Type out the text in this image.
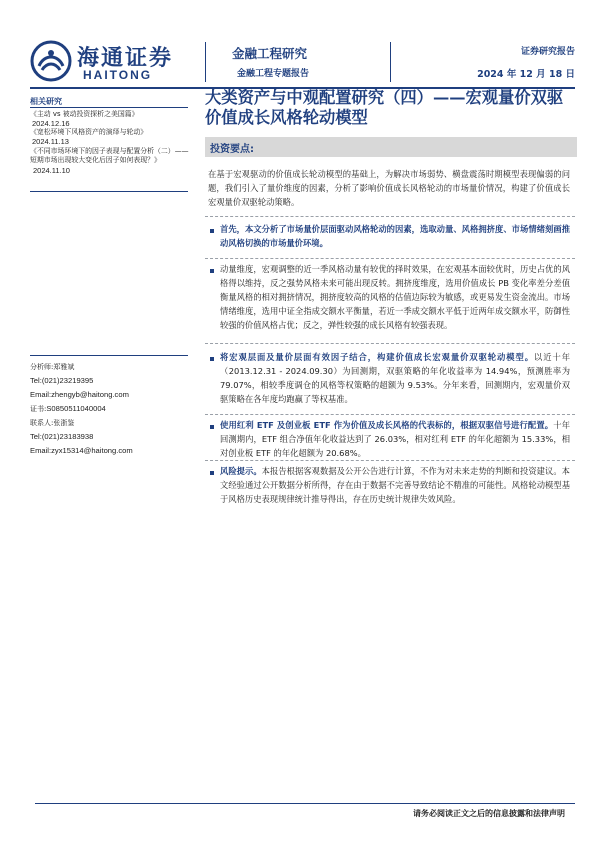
海通证券
HAITONG
金融工程研究
金融工程专题报告
证券研究报告
2024 年 12 月 18 日
相关研究
《主动 vs 被动投资探析之美国篇》
2024.12.16
《宽松环境下风格资产的演绎与轮动》
2024.11.13
《不同市场环境下的因子表现与配置分析（二）——短期市场出现较大变化后因子如何表现？》 2024.11.10
分析师:郑雅斌
Tel:(021)23219395
Email:zhengyb@haitong.com
证书:S0850511040004
联系人:张浙鉴
Tel:(021)23183938
Email:zyx15314@haitong.com
大类资产与中观配置研究（四）——宏观量价双驱价值成长风格轮动模型
投资要点:
在基于宏观驱动的价值成长轮动模型的基础上，为解决市场弱势、横盘震荡时期模型表现偏弱的问题，我们引入了量价维度的因素，分析了影响价值成长风格轮动的市场量价情况，构建了价值成长宏观量价双驱轮动策略。
首先，本文分析了市场量价层面驱动风格轮动的因素，选取动量、风格拥挤度、市场情绪刻画推动风格切换的市场量价环境。
动量维度，宏观调整的近一季风格动量有较优的择时效果，在宏观基本面较优时，历史占优的风格得以维持，反之强势风格未来可能出现反转。拥挤度维度，选用价值成长 PB 变化率差分差值衡量风格的相对拥挤情况，拥挤度较高的风格的估值边际较为敏感，或更易发生资金流出。市场情绪维度，选用中证全指成交额水平衡量，若近一季成交额水平低于近两年成交额水平，防御性较强的价值风格占优；反之，弹性较强的成长风格有较强表现。
将宏观层面及量价层面有效因子结合，构建价值成长宏观量价双驱轮动模型。以近十年（2013.12.31 - 2024.09.30）为回测期，双驱策略的年化收益率为 14.94%，预测胜率为 79.07%，相较季度调仓的风格等权策略的超额为 9.53%。分年来看，回测期内，宏观量价双驱策略在各年度均跑赢了等权基准。
使用红利 ETF 及创业板 ETF 作为价值及成长风格的代表标的，根据双驱信号进行配置。十年回测期内，ETF 组合净值年化收益达到了 26.03%，相对红利 ETF 的年化超额为 15.33%，相对创业板 ETF 的年化超额为 20.68%。
风险提示。本报告根据客观数据及公开公告进行计算，不作为对未来走势的判断和投资建议。本文经验通过公开数据分析所得，存在由于数据不完善导致结论不精准的可能性。风格轮动模型基于风格历史表现规律统计推导得出，存在历史统计规律失效风险。
请务必阅读正文之后的信息披露和法律声明
